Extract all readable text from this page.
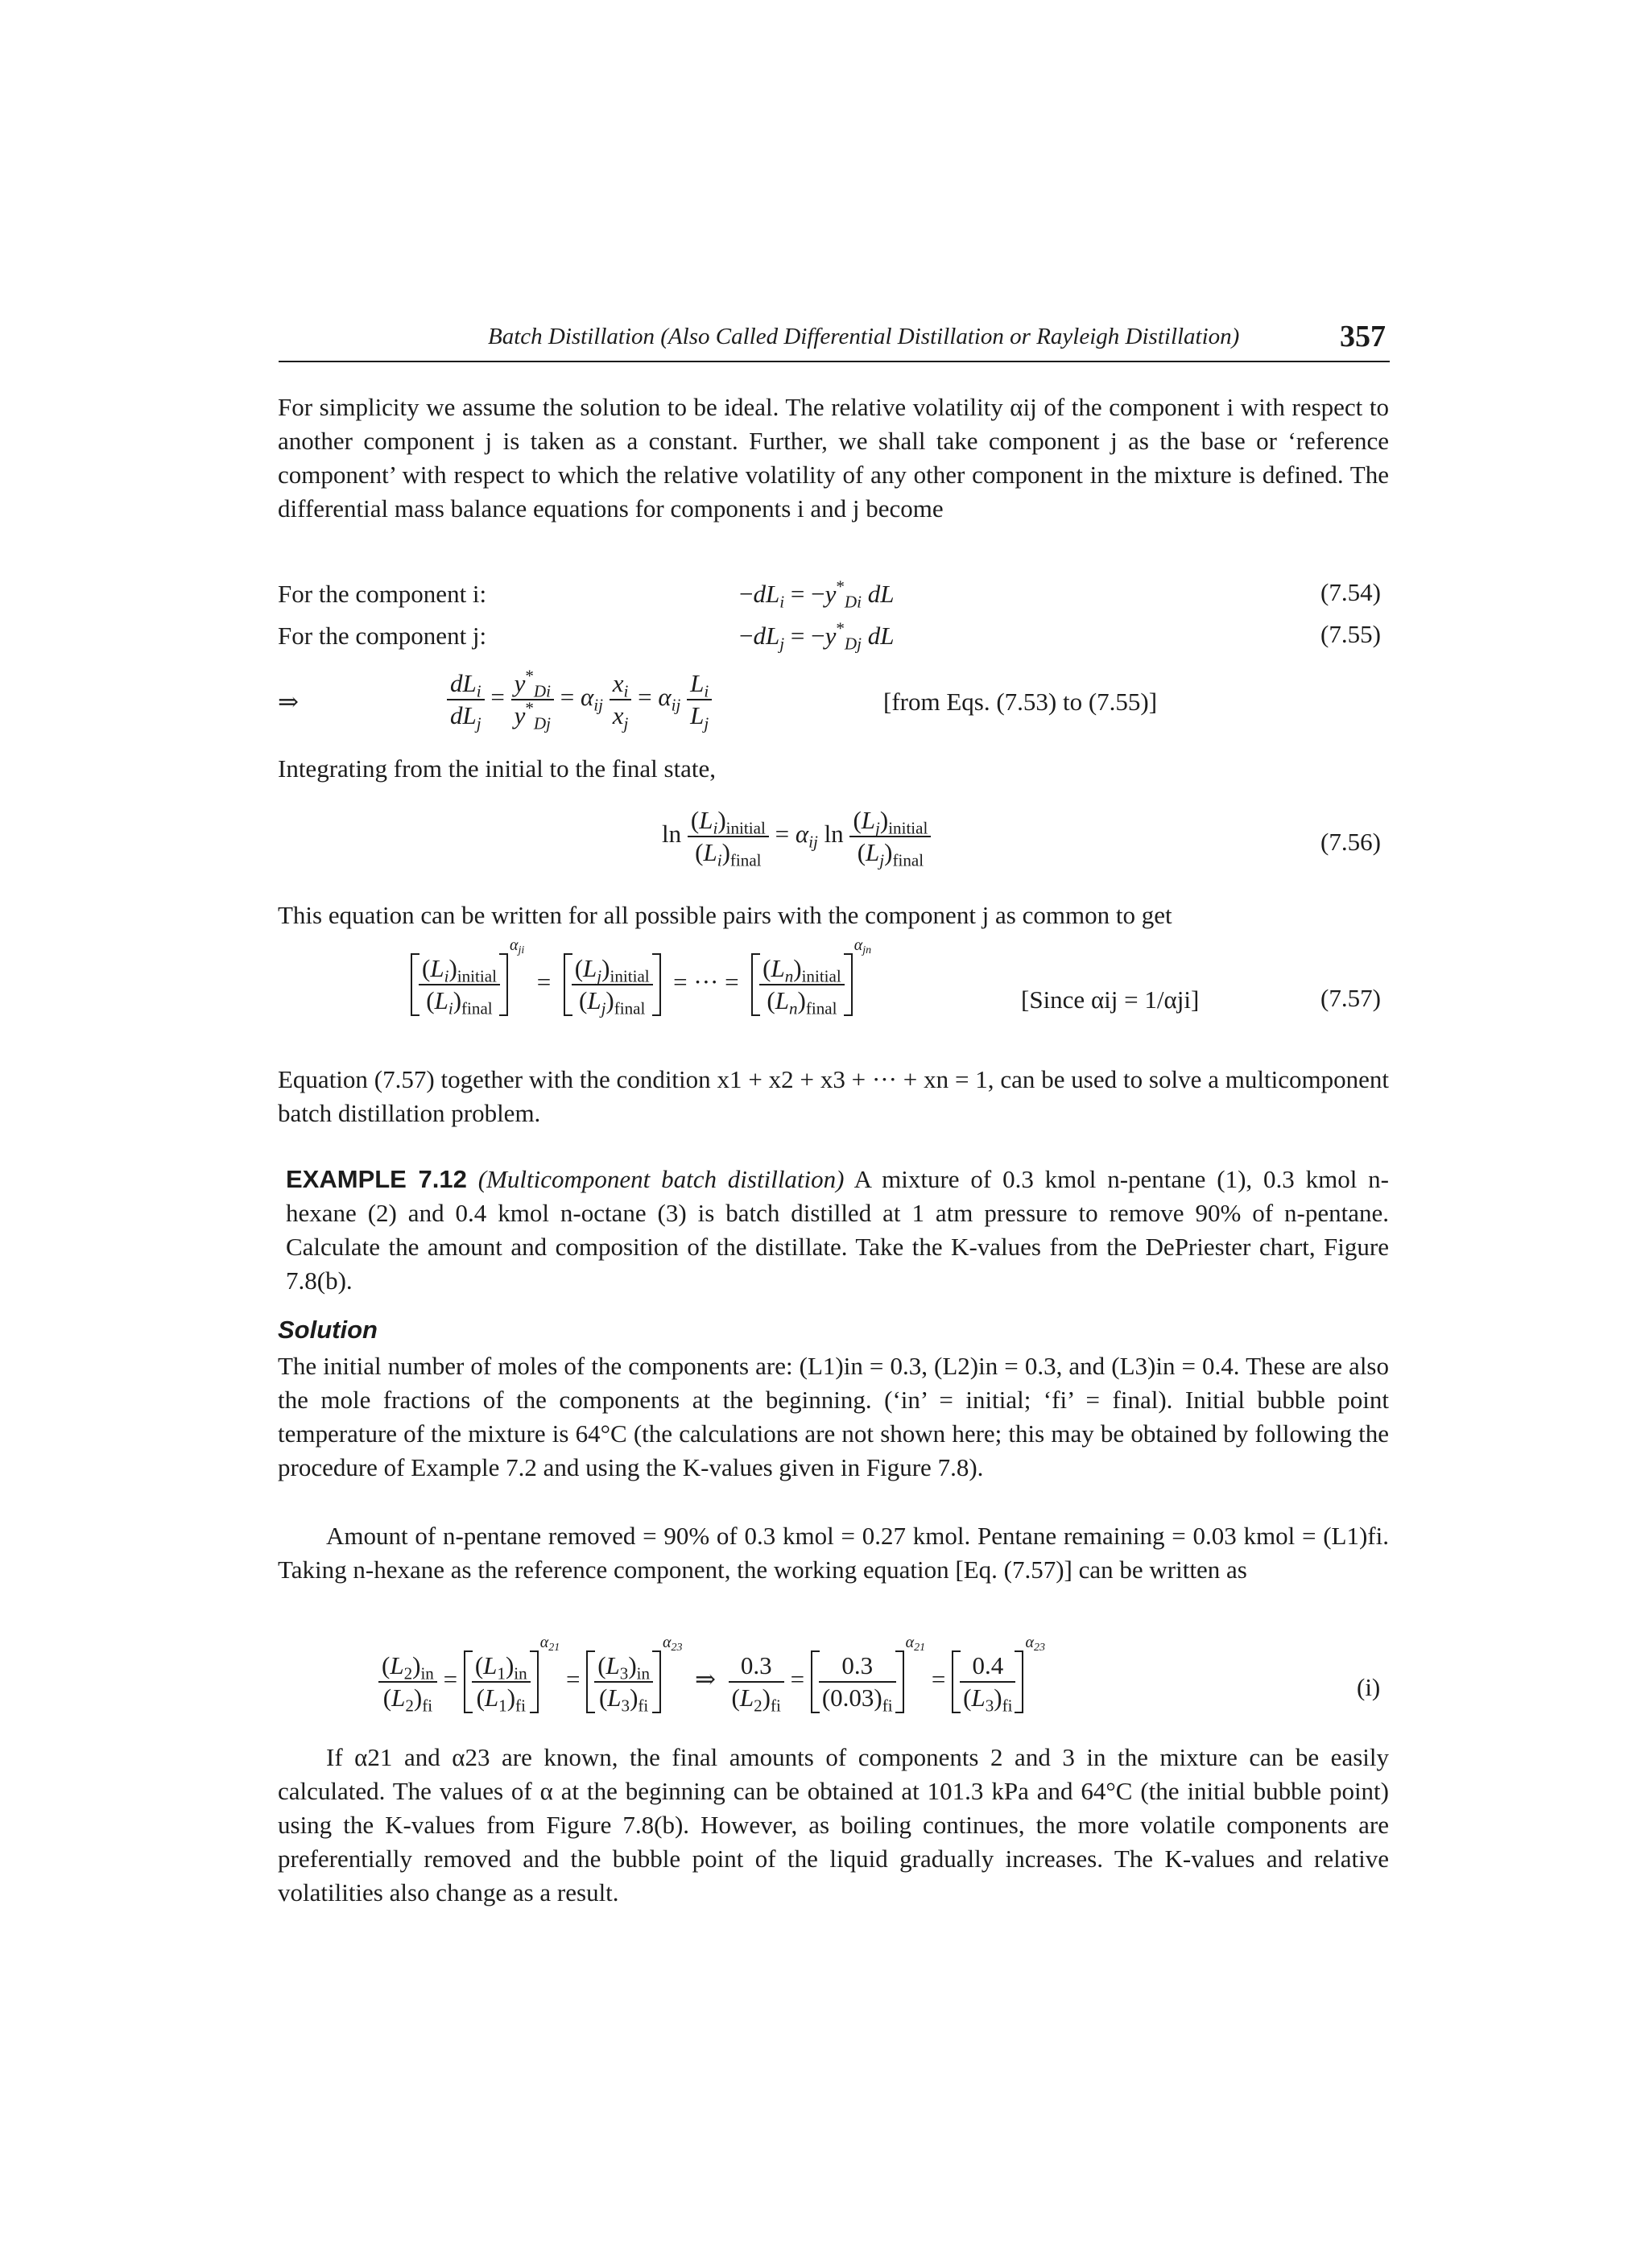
Batch Distillation (Also Called Differential Distillation or Rayleigh Distillation)	357
For simplicity we assume the solution to be ideal. The relative volatility αij of the component i with respect to another component j is taken as a constant. Further, we shall take component j as the base or ‘reference component’ with respect to which the relative volatility of any other component in the mixture is defined. The differential mass balance equations for components i and j become
For the component i:	$-dL_i = -y^*_{Di}$ dL	(7.54)
For the component j:	$-dL_j = -y^*_{Dj}$ dL	(7.55)
⇒	$\frac{dL_i}{dL_j} = \frac{y^*_{Di}}{y^*_{Dj}} = \alpha_{ij} \frac{x_i}{x_j} = \alpha_{ij} \frac{L_i}{L_j}$	[from Eqs. (7.53) to (7.55)]
Integrating from the initial to the final state,
$\ln \frac{(L_i)_{initial}}{(L_i)_{final}} = \alpha_{ij}$ $\ln \frac{(L_j)_{initial}}{(L_j)_{final}}$	(7.56)
This equation can be written for all possible pairs with the component j as common to get
$\frac{(L_i)_{initial}}{(L_i)_{final}}$
$\alpha_{ji} = \frac{(L_j)_{initial}}{(L_j)_{final}}$ = ··· = $\frac{(L_n)_{initial}}{(L_n)_{final}}$
$\alpha_{jn}$
[Since αij = 1/αji]	(7.57)
Equation (7.57) together with the condition x1 + x2 + x3 + ··· + xn = 1, can be used to solve a multicomponent batch distillation problem.
EXAMPLE 7.12 (Multicomponent batch distillation) A mixture of 0.3 kmol n-pentane (1), 0.3 kmol n-hexane (2) and 0.4 kmol n-octane (3) is batch distilled at 1 atm pressure to remove 90% of n-pentane. Calculate the amount and composition of the distillate. Take the K-values from the DePriester chart, Figure 7.8(b).
Solution
The initial number of moles of the components are: (L1)in = 0.3, (L2)in = 0.3, and (L3)in = 0.4. These are also the mole fractions of the components at the beginning. (‘in’ = initial; ‘fi’ = final). Initial bubble point temperature of the mixture is 64°C (the calculations are not shown here; this may be obtained by following the procedure of Example 7.2 and using the K-values given in Figure 7.8).
Amount of n-pentane removed = 90% of 0.3 kmol = 0.27 kmol. Pentane remaining = 0.03 kmol = (L1)fi. Taking n-hexane as the reference component, the working equation [Eq. (7.57)] can be written as
$\frac{(L_2)_{in}}{(L_2)_{fi}} = \frac{(L_1)_{in}}{(L_1)_{fi}}$
$\alpha_{21} = \frac{(L_3)_{in}}{(L_3)_{fi}}$
$\alpha_{23}$  ⇒ $\frac{0.3}{(L_2)_{fi}} = \frac{0.3}{(0.03)_{fi}}$
$\alpha_{21} = \frac{0.4}{(L_3)_{fi}}$
$\alpha_{23}$
(i)
If α21 and α23 are known, the final amounts of components 2 and 3 in the mixture can be easily calculated. The values of α at the beginning can be obtained at 101.3 kPa and 64°C (the initial bubble point) using the K-values from Figure 7.8(b). However, as boiling continues, the more volatile components are preferentially removed and the bubble point of the liquid gradually increases. The K-values and relative volatilities also change as a result.
